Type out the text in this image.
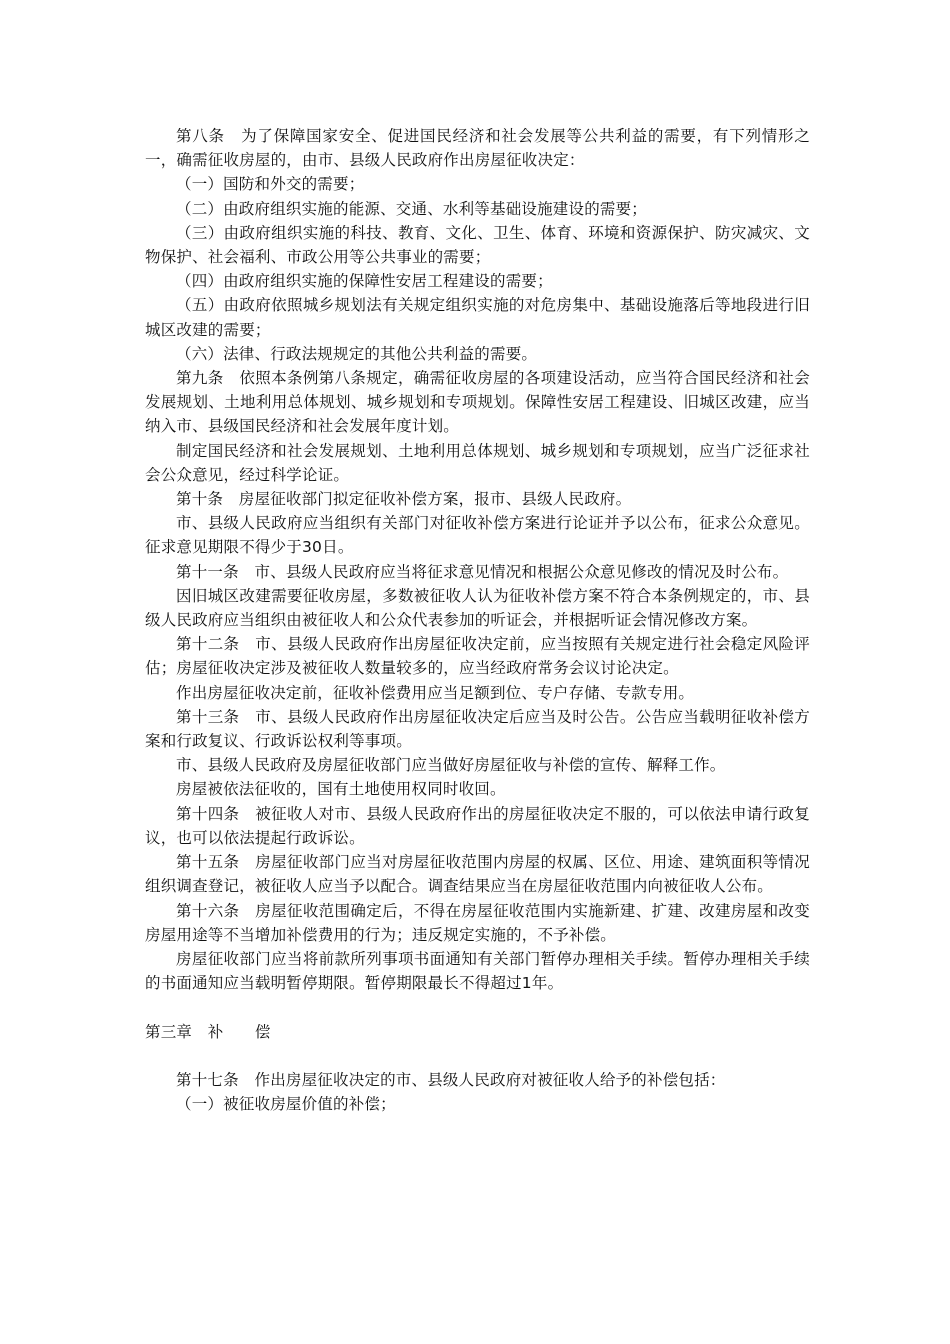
第八条　为了保障国家安全、促进国民经济和社会发展等公共利益的需要，有下列情形之一，确需征收房屋的，由市、县级人民政府作出房屋征收决定：

（一）国防和外交的需要；

（二）由政府组织实施的能源、交通、水利等基础设施建设的需要；

（三）由政府组织实施的科技、教育、文化、卫生、体育、环境和资源保护、防灾减灾、文物保护、社会福利、市政公用等公共事业的需要；

（四）由政府组织实施的保障性安居工程建设的需要；

（五）由政府依照城乡规划法有关规定组织实施的对危房集中、基础设施落后等地段进行旧城区改建的需要；

（六）法律、行政法规规定的其他公共利益的需要。

第九条　依照本条例第八条规定，确需征收房屋的各项建设活动，应当符合国民经济和社会发展规划、土地利用总体规划、城乡规划和专项规划。保障性安居工程建设、旧城区改建，应当纳入市、县级国民经济和社会发展年度计划。

制定国民经济和社会发展规划、土地利用总体规划、城乡规划和专项规划，应当广泛征求社会公众意见，经过科学论证。

第十条　房屋征收部门拟定征收补偿方案，报市、县级人民政府。

市、县级人民政府应当组织有关部门对征收补偿方案进行论证并予以公布，征求公众意见。征求意见期限不得少于30日。

第十一条　市、县级人民政府应当将征求意见情况和根据公众意见修改的情况及时公布。

因旧城区改建需要征收房屋，多数被征收人认为征收补偿方案不符合本条例规定的，市、县级人民政府应当组织由被征收人和公众代表参加的听证会，并根据听证会情况修改方案。

第十二条　市、县级人民政府作出房屋征收决定前，应当按照有关规定进行社会稳定风险评估；房屋征收决定涉及被征收人数量较多的，应当经政府常务会议讨论决定。

作出房屋征收决定前，征收补偿费用应当足额到位、专户存储、专款专用。

第十三条　市、县级人民政府作出房屋征收决定后应当及时公告。公告应当载明征收补偿方案和行政复议、行政诉讼权利等事项。

市、县级人民政府及房屋征收部门应当做好房屋征收与补偿的宣传、解释工作。

房屋被依法征收的，国有土地使用权同时收回。

第十四条　被征收人对市、县级人民政府作出的房屋征收决定不服的，可以依法申请行政复议，也可以依法提起行政诉讼。

第十五条　房屋征收部门应当对房屋征收范围内房屋的权属、区位、用途、建筑面积等情况组织调查登记，被征收人应当予以配合。调查结果应当在房屋征收范围内向被征收人公布。

第十六条　房屋征收范围确定后，不得在房屋征收范围内实施新建、扩建、改建房屋和改变房屋用途等不当增加补偿费用的行为；违反规定实施的，不予补偿。

房屋征收部门应当将前款所列事项书面通知有关部门暂停办理相关手续。暂停办理相关手续的书面通知应当载明暂停期限。暂停期限最长不得超过1年。

第三章　补　　偿

第十七条　作出房屋征收决定的市、县级人民政府对被征收人给予的补偿包括：

（一）被征收房屋价值的补偿；
